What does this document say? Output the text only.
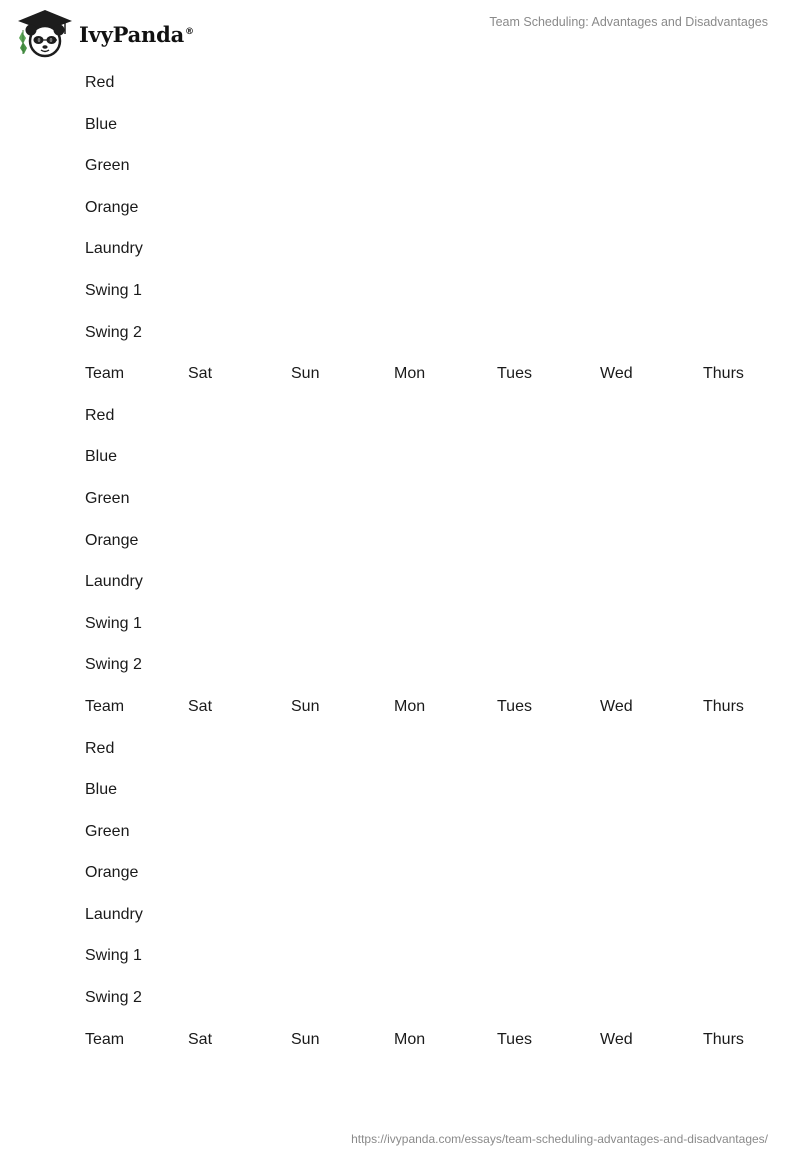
IvyPanda®
Team Scheduling: Advantages and Disadvantages
Red
Blue
Green
Orange
Laundry
Swing 1
Swing 2
Team	Sat	Sun	Mon	Tues	Wed	Thurs
Red
Blue
Green
Orange
Laundry
Swing 1
Swing 2
Team	Sat	Sun	Mon	Tues	Wed	Thurs
Red
Blue
Green
Orange
Laundry
Swing 1
Swing 2
Team	Sat	Sun	Mon	Tues	Wed	Thurs
https://ivypanda.com/essays/team-scheduling-advantages-and-disadvantages/
